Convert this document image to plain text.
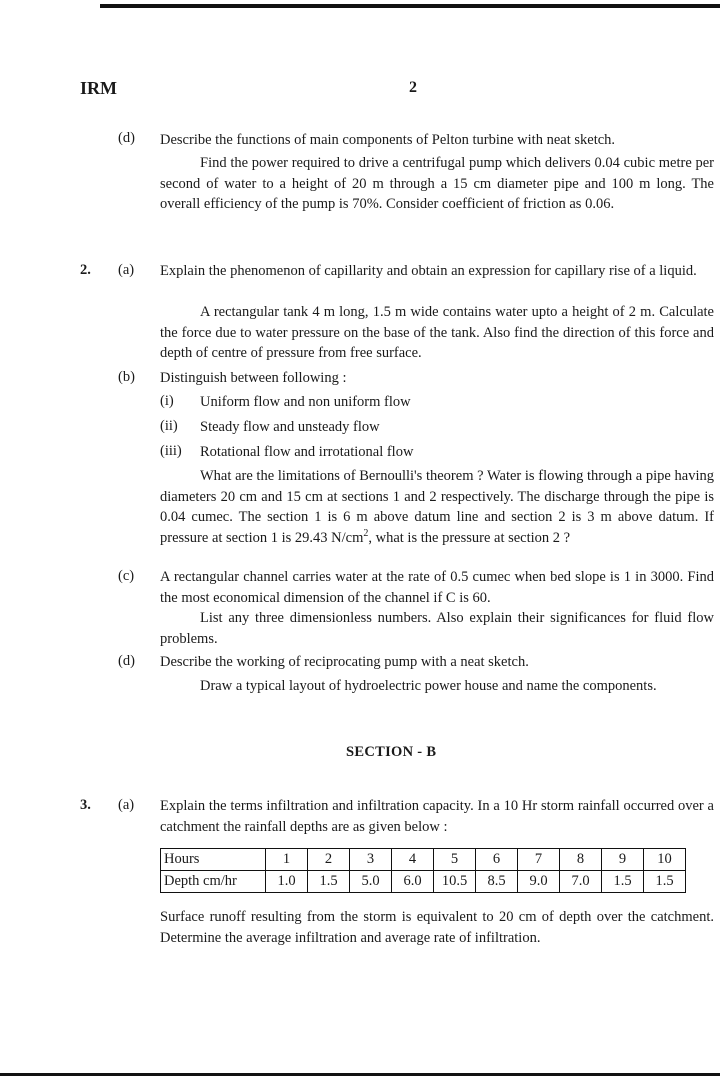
IRM	2
(d) Describe the functions of main components of Pelton turbine with neat sketch.
Find the power required to drive a centrifugal pump which delivers 0.04 cubic metre per second of water to a height of 20 m through a 15 cm diameter pipe and 100 m long. The overall efficiency of the pump is 70%. Consider coefficient of friction as 0.06.
2. (a) Explain the phenomenon of capillarity and obtain an expression for capillary rise of a liquid.
A rectangular tank 4 m long, 1.5 m wide contains water upto a height of 2 m. Calculate the force due to water pressure on the base of the tank. Also find the direction of this force and depth of centre of pressure from free surface.
(b) Distinguish between following :
(i) Uniform flow and non uniform flow
(ii) Steady flow and unsteady flow
(iii) Rotational flow and irrotational flow
What are the limitations of Bernoulli's theorem ? Water is flowing through a pipe having diameters 20 cm and 15 cm at sections 1 and 2 respectively. The discharge through the pipe is 0.04 cumec. The section 1 is 6 m above datum line and section 2 is 3 m above datum. If pressure at section 1 is 29.43 $N/cm^2$, what is the pressure at section 2 ?
(c) A rectangular channel carries water at the rate of 0.5 cumec when bed slope is 1 in 3000. Find the most economical dimension of the channel if C is 60.
List any three dimensionless numbers. Also explain their significances for fluid flow problems.
(d) Describe the working of reciprocating pump with a neat sketch.
Draw a typical layout of hydroelectric power house and name the components.
SECTION - B
3. (a) Explain the terms infiltration and infiltration capacity. In a 10 Hr storm rainfall occurred over a catchment the rainfall depths are as given below :
Hours	1	2	3	4	5	6	7	8	9	10
Depth cm/hr	1.0	1.5	5.0	6.0	10.5	8.5	9.0	7.0	1.5	1.5
Surface runoff resulting from the storm is equivalent to 20 cm of depth over the catchment. Determine the average infiltration and average rate of infiltration.
